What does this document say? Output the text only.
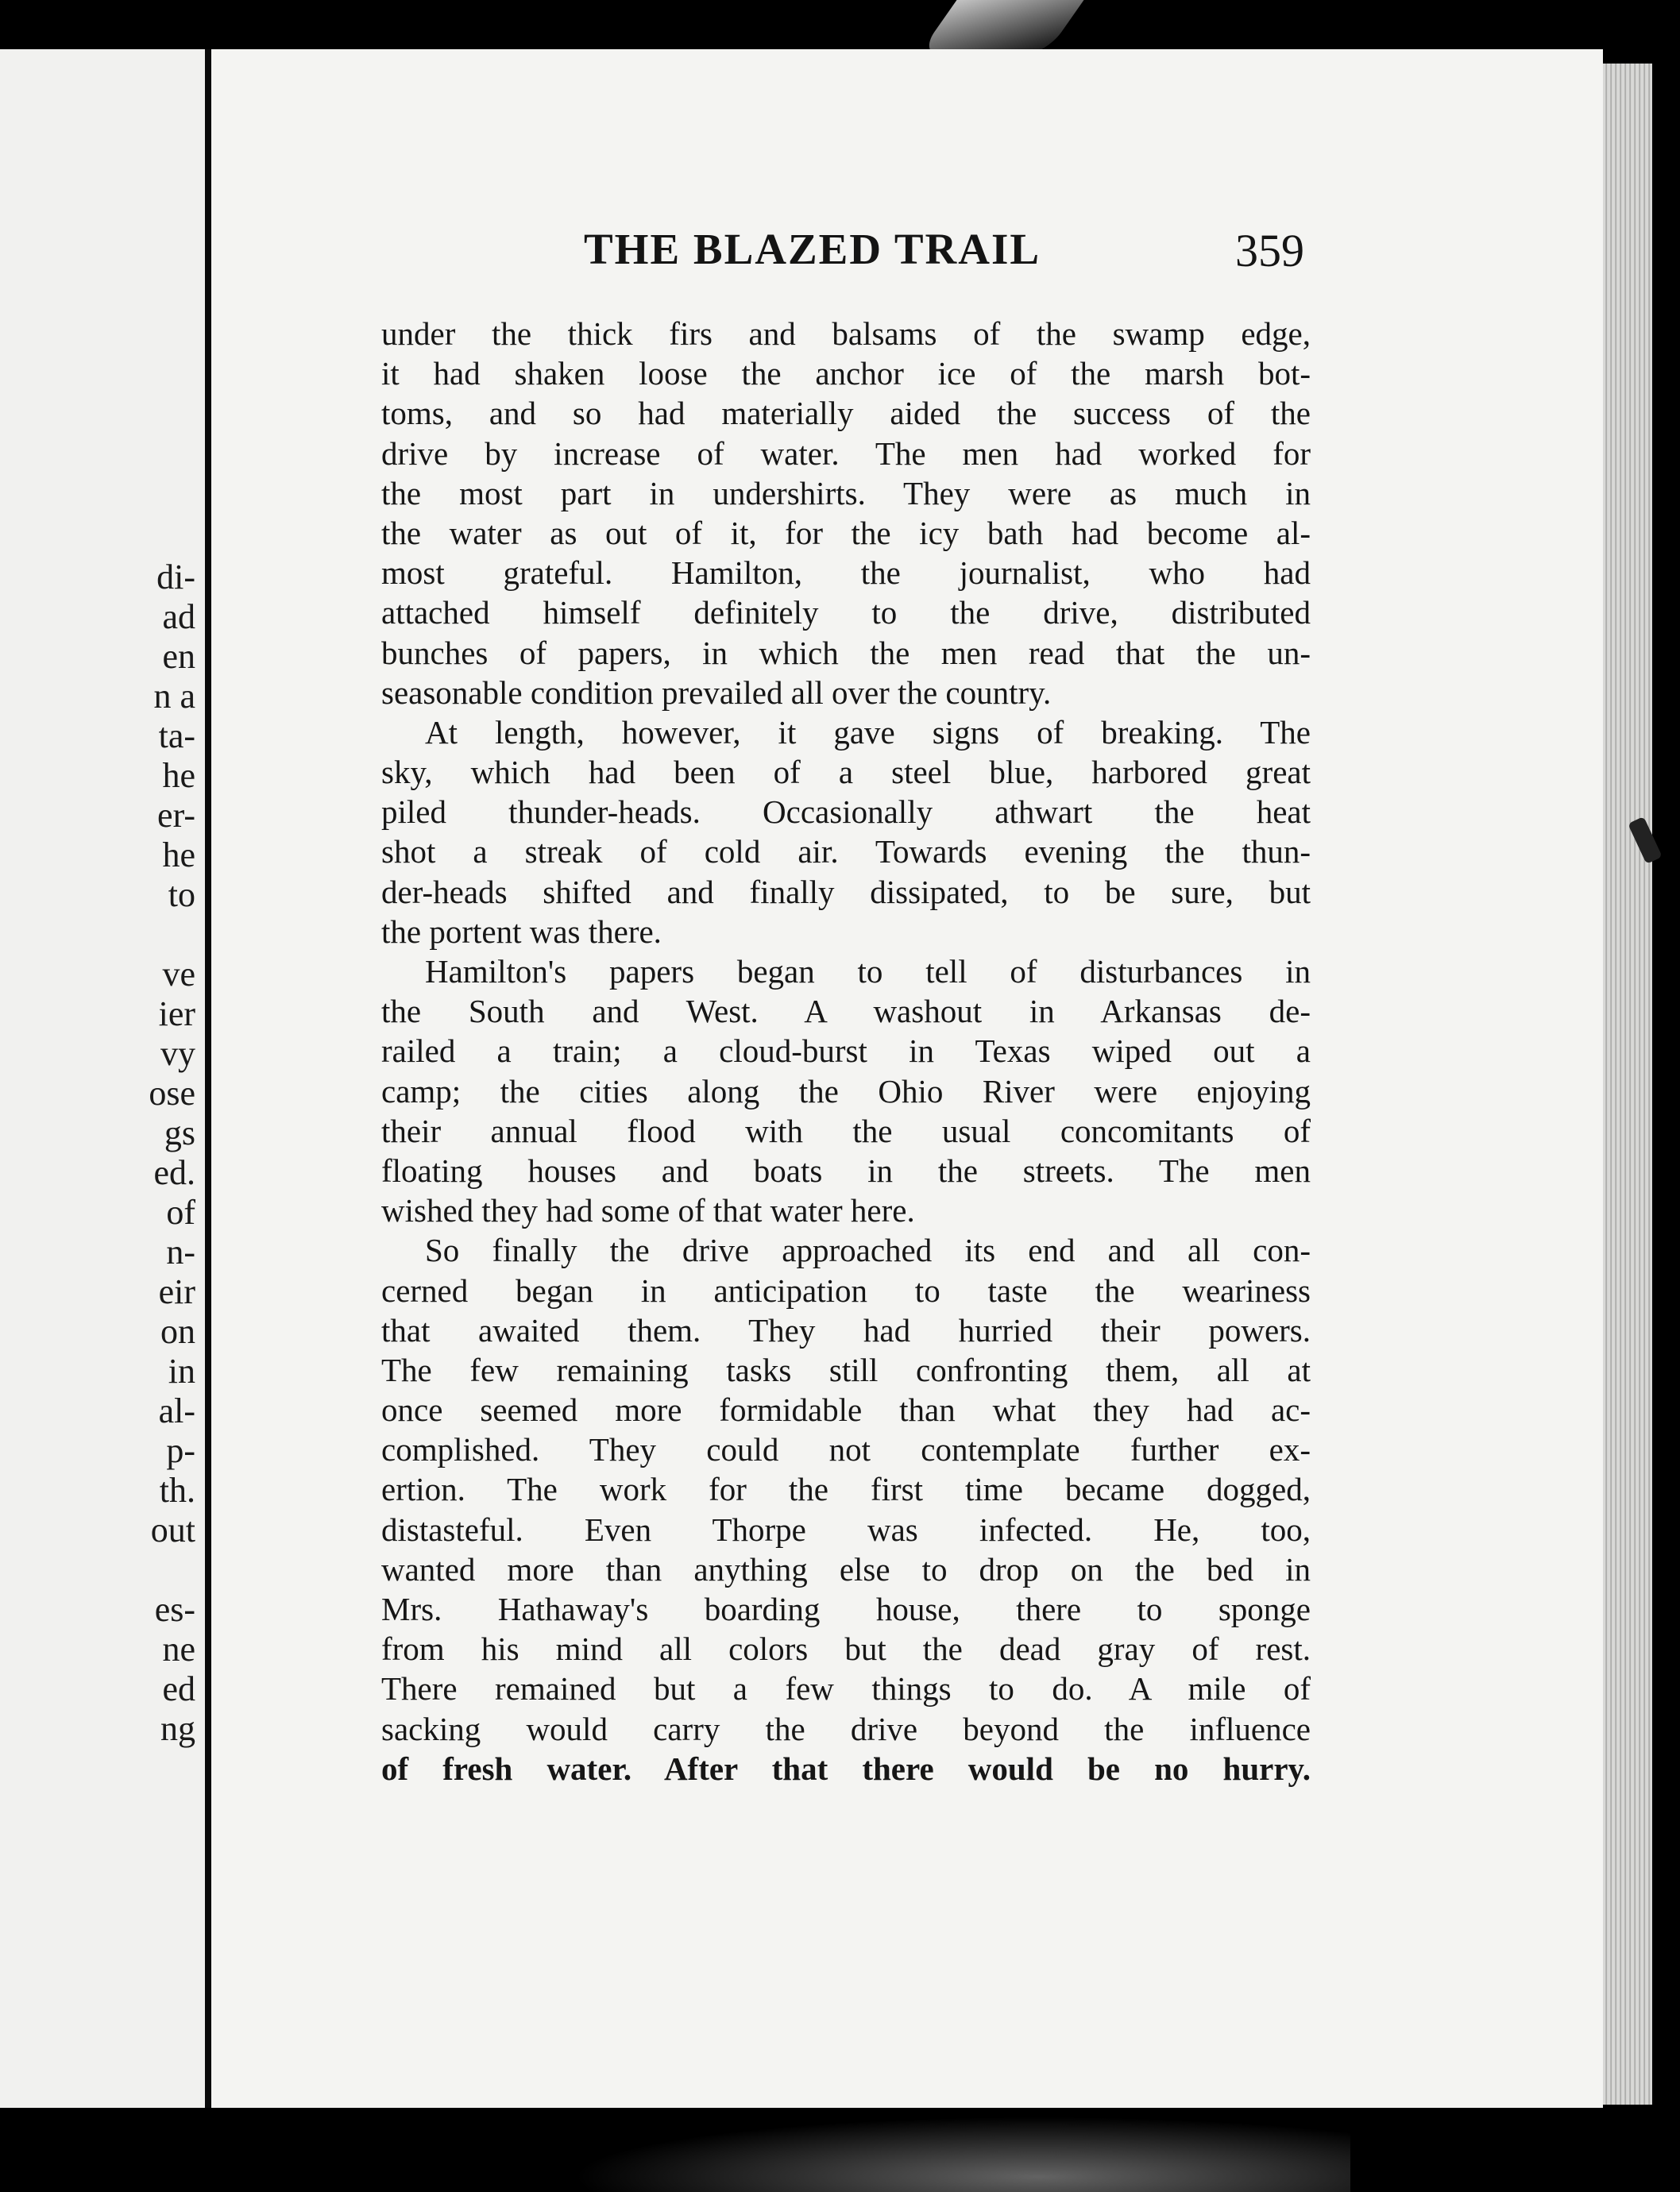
di-
ad
en
n a
ta-
he
er-
he
to
ve
ier
vy
ose
gs
ed.
of
n-
eir
on
in
al-
p-
th.
out
es-
ne
ed
ng
THE BLAZED TRAIL	359
under the thick firs and balsams of the swamp edge,
it had shaken loose the anchor ice of the marsh bot-
toms, and so had materially aided the success of the
drive by increase of water. The men had worked for
the most part in undershirts. They were as much in
the water as out of it, for the icy bath had become al-
most grateful. Hamilton, the journalist, who had
attached himself definitely to the drive, distributed
bunches of papers, in which the men read that the un-
seasonable condition prevailed all over the country.
At length, however, it gave signs of breaking. The
sky, which had been of a steel blue, harbored great
piled thunder-heads. Occasionally athwart the heat
shot a streak of cold air. Towards evening the thun-
der-heads shifted and finally dissipated, to be sure, but
the portent was there.
Hamilton's papers began to tell of disturbances in
the South and West. A washout in Arkansas de-
railed a train; a cloud-burst in Texas wiped out a
camp; the cities along the Ohio River were enjoying
their annual flood with the usual concomitants of
floating houses and boats in the streets. The men
wished they had some of that water here.
So finally the drive approached its end and all con-
cerned began in anticipation to taste the weariness
that awaited them. They had hurried their powers.
The few remaining tasks still confronting them, all at
once seemed more formidable than what they had ac-
complished. They could not contemplate further ex-
ertion. The work for the first time became dogged,
distasteful. Even Thorpe was infected. He, too,
wanted more than anything else to drop on the bed in
Mrs. Hathaway's boarding house, there to sponge
from his mind all colors but the dead gray of rest.
There remained but a few things to do. A mile of
sacking would carry the drive beyond the influence
of fresh water. After that there would be no hurry.
